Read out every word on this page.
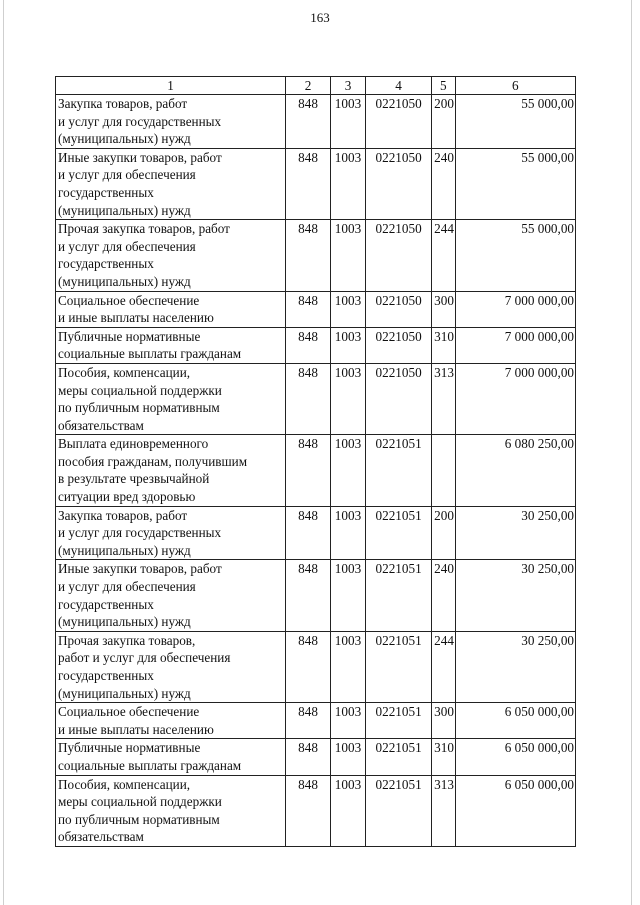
163
1	2	3	4	5	6
Закупка товаров, работ
и услуг для государственных
(муниципальных) нужд	848	1003	0221050	200	55 000,00
Иные закупки товаров, работ
и услуг для обеспечения
государственных
(муниципальных) нужд	848	1003	0221050	240	55 000,00
Прочая закупка товаров, работ
и услуг для обеспечения
государственных
(муниципальных) нужд	848	1003	0221050	244	55 000,00
Социальное обеспечение
и иные выплаты населению	848	1003	0221050	300	7 000 000,00
Публичные нормативные
социальные выплаты гражданам	848	1003	0221050	310	7 000 000,00
Пособия, компенсации,
меры социальной поддержки
по публичным нормативным
обязательствам	848	1003	0221050	313	7 000 000,00
Выплата единовременного
пособия гражданам, получившим
в результате чрезвычайной
ситуации вред здоровью	848	1003	0221051		6 080 250,00
Закупка товаров, работ
и услуг для государственных
(муниципальных) нужд	848	1003	0221051	200	30 250,00
Иные закупки товаров, работ
и услуг для обеспечения
государственных
(муниципальных) нужд	848	1003	0221051	240	30 250,00
Прочая закупка товаров,
работ и услуг для обеспечения
государственных
(муниципальных) нужд	848	1003	0221051	244	30 250,00
Социальное обеспечение
и иные выплаты населению	848	1003	0221051	300	6 050 000,00
Публичные нормативные
социальные выплаты гражданам	848	1003	0221051	310	6 050 000,00
Пособия, компенсации,
меры социальной поддержки
по публичным нормативным
обязательствам	848	1003	0221051	313	6 050 000,00
